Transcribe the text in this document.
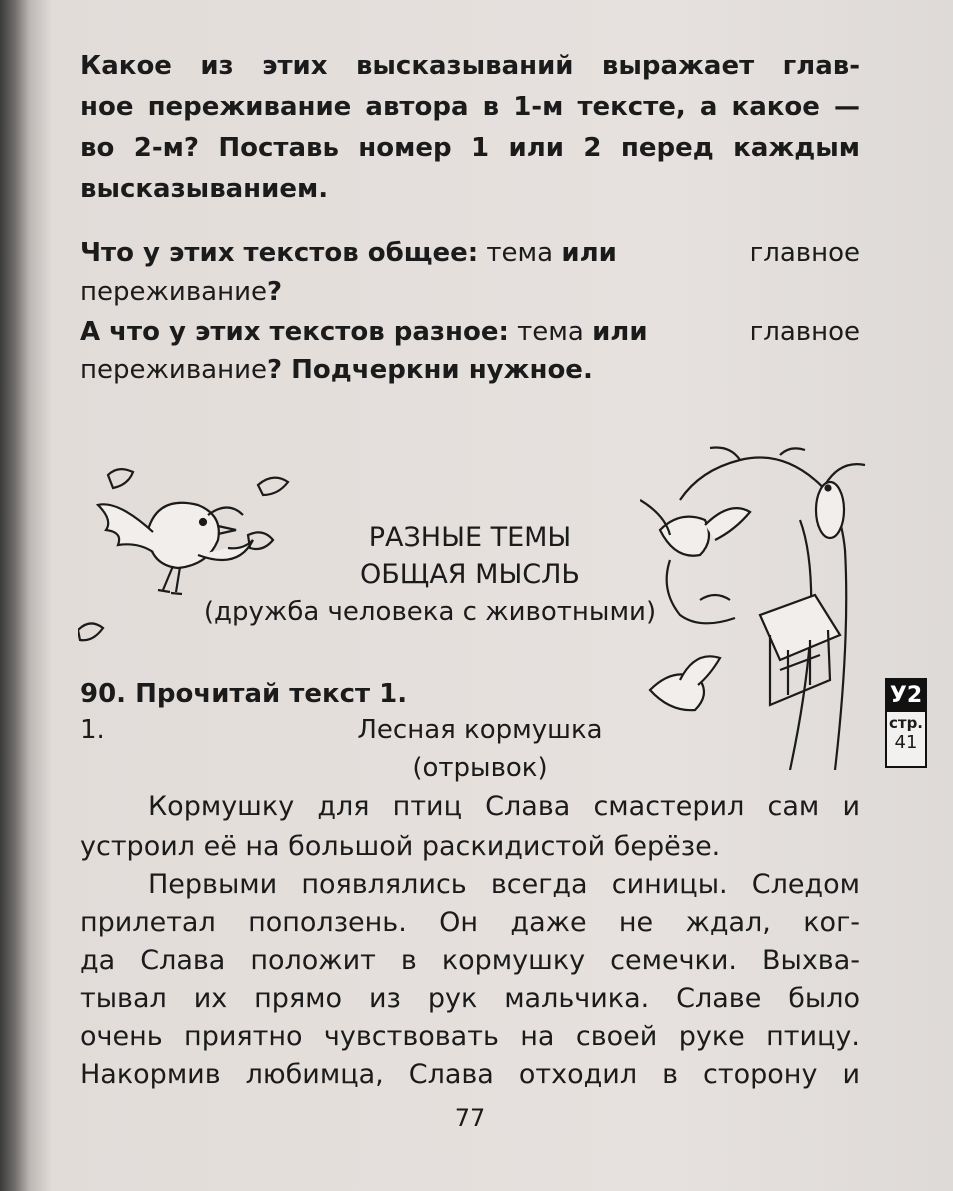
Какое из этих высказываний выражает глав-
ное переживание автора в 1-м тексте, а какое —
во 2-м? Поставь номер 1 или 2 перед каждым
высказыванием.
Что у этих текстов общее: тема или	главное
переживание?
А что у этих текстов разное: тема или	главное
переживание? Подчеркни нужное.
РАЗНЫЕ ТЕМЫ
ОБЩАЯ МЫСЛЬ
(дружба человека с животными)
90. Прочитай текст 1.
1.	Лесная кормушка
(отрывок)
У2
стр.
41
Кормушку для птиц Слава смастерил сам и
устроил её на большой раскидистой берёзе.
Первыми появлялись всегда синицы. Следом
прилетал поползень. Он даже не ждал, ког-
да Слава положит в кормушку семечки. Выхва-
тывал их прямо из рук мальчика. Славе было
очень приятно чувствовать на своей руке птицу.
Накормив любимца, Слава отходил в сторону и
77
